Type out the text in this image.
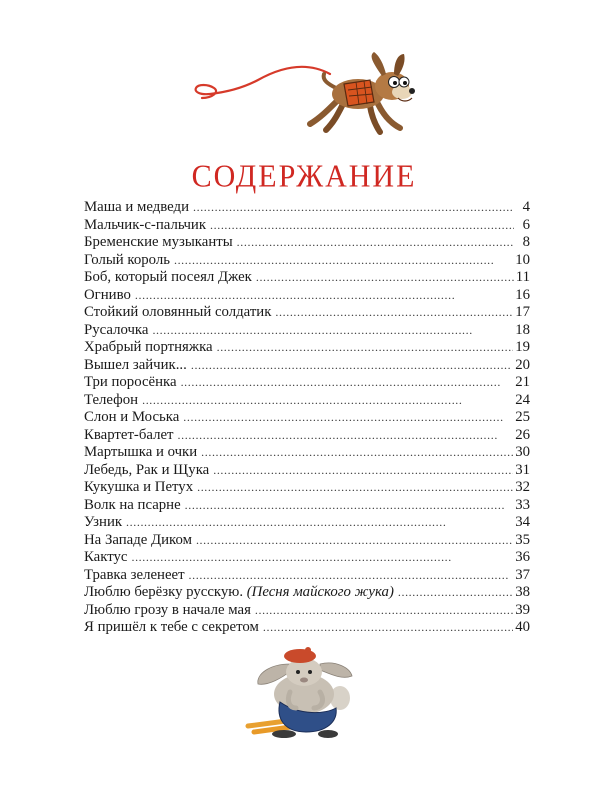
СОДЕРЖАНИЕ
Маша и медведи . . .	4
Мальчик-с-пальчик . . .	6
Бременские музыканты . . .	8
Голый король . . .	10
Боб, который посеял Джек . . .	11
Огниво . . .	16
Стойкий оловянный солдатик . . .	17
Русалочка . . .	18
Храбрый портняжка . . .	19
Вышел зайчик... . . .	20
Три поросёнка . . .	21
Телефон . . .	24
Слон и Моська . . .	25
Квартет-балет . . .	26
Мартышка и очки . . .	30
Лебедь, Рак и Щука . . .	31
Кукушка и Петух . . .	32
Волк на псарне . . .	33
Узник . . .	34
На Западе Диком . . .	35
Кактус . . .	36
Травка зеленеет . . .	37
Люблю берёзку русскую. (Песня майского жука) . . .	38
Люблю грозу в начале мая . . .	39
Я пришёл к тебе с секретом . . .	40
